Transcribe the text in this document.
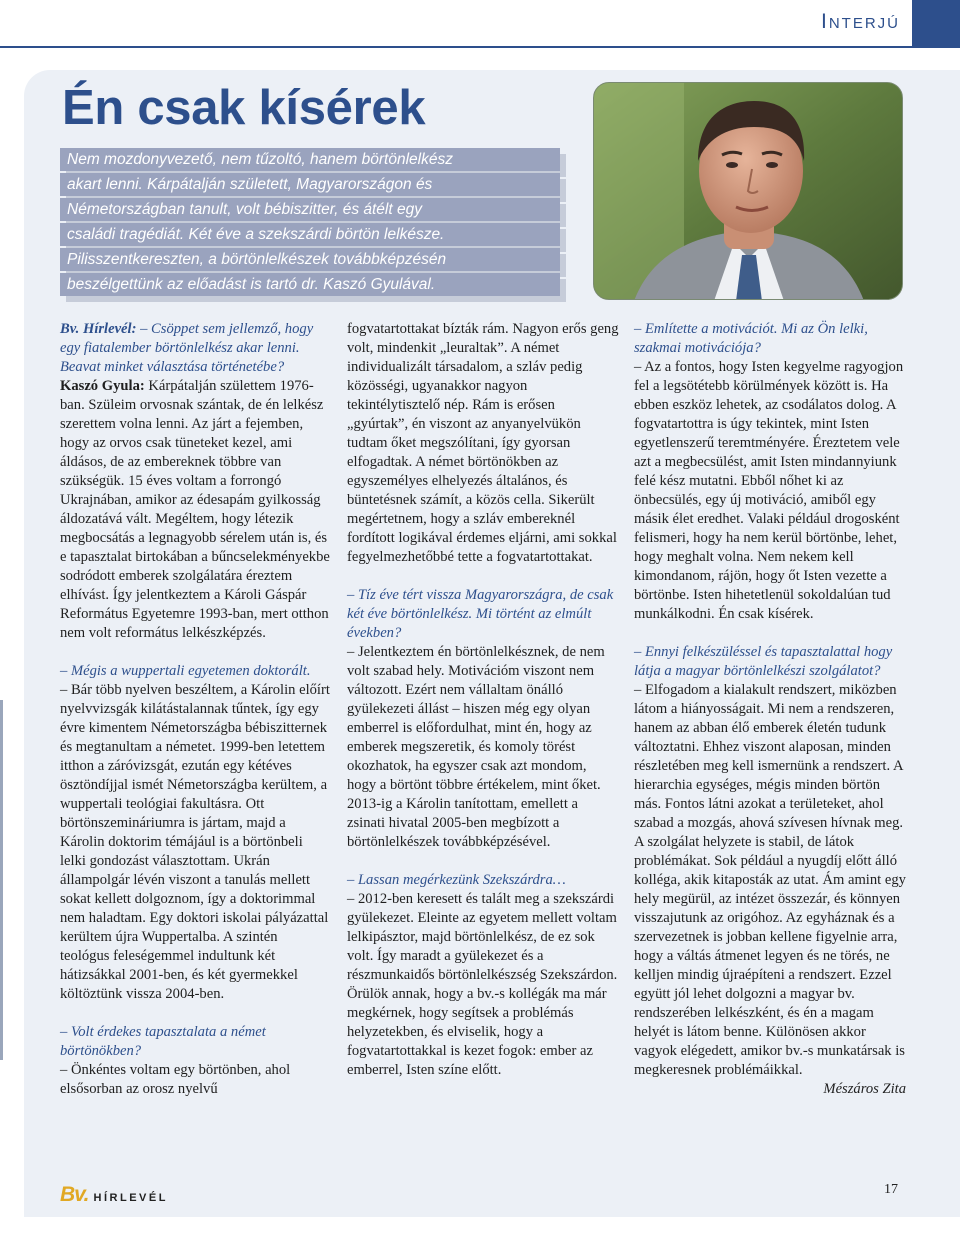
Interjú
Én csak kísérek
Nem mozdonyvezető, nem tűzoltó, hanem börtönlelkész
akart lenni. Kárpátalján született, Magyarországon és
Németországban tanult, volt bébiszitter, és átélt egy
családi tragédiát. Két éve a szekszárdi börtön lelkésze.
Pilisszentkereszten, a börtönlelkészek továbbképzésén
beszélgettünk az előadást is tartó dr. Kaszó Gyulával.

Bv. Hírlevél: – Csöppet sem jellemző, hogy egy fiatalember börtönlelkész akar lenni. Beavat minket választása történetébe?

Kaszó Gyula: Kárpátalján születtem 1976-ban. Szüleim orvosnak szántak, de én lelkész szerettem volna lenni. Az járt a fejemben, hogy az orvos csak tüneteket kezel, ami áldásos, de az embereknek többre van szükségük. 15 éves voltam a forrongó Ukrajnában, amikor az édesapám gyilkosság áldozatává vált. Megéltem, hogy létezik megbocsátás a legnagyobb sérelem után is, és e tapasztalat birtokában a bűncselekményekbe sodródott emberek szolgálatára éreztem elhívást. Így jelentkeztem a Károli Gáspár Református Egyetemre 1993-ban, mert otthon nem volt református lelkészképzés.

– Mégis a wuppertali egyetemen doktorált.

– Bár több nyelven beszéltem, a Károlin előírt nyelvvizsgák kilátástalannak tűntek, így egy évre kimentem Németországba bébiszitternek és megtanultam a németet. 1999-ben letettem itthon a záróvizsgát, ezután egy kétéves ösztöndíjjal ismét Németországba kerültem, a wuppertali teológiai fakultásra. Ott börtönszemináriumra is jártam, majd a Károlin doktorim témájául is a börtönbeli lelki gondozást választottam. Ukrán állampolgár lévén viszont a tanulás mellett sokat kellett dolgoznom, így a doktorimmal nem haladtam. Egy doktori iskolai pályázattal kerültem újra Wuppertalba. A szintén teológus feleségemmel indultunk két hátizsákkal 2001-ben, és két gyermekkel költöztünk vissza 2004-ben.

– Volt érdekes tapasztalata a német börtönökben?

– Önkéntes voltam egy börtönben, ahol elsősorban az orosz nyelvű

fogvatartottakat bízták rám. Nagyon erős geng volt, mindenkit „leuraltak”. A német individualizált társadalom, a szláv pedig közösségi, ugyanakkor nagyon tekintélytisztelő nép. Rám is erősen „gyúrtak”, én viszont az anyanyelvükön tudtam őket megszólítani, így gyorsan elfogadtak. A német börtönökben az egyszemélyes elhelyezés általános, és büntetésnek számít, a közös cella. Sikerült megértetnem, hogy a szláv embereknél fordított logikával érdemes eljárni, ami sokkal fegyelmezhetőbbé tette a fogvatartottakat.

– Tíz éve tért vissza Magyarországra, de csak két éve börtönlelkész. Mi történt az elmúlt években?

– Jelentkeztem én börtönlelkésznek, de nem volt szabad hely. Motivációm viszont nem változott. Ezért nem vállaltam önálló gyülekezeti állást – hiszen még egy olyan emberrel is előfordulhat, mint én, hogy az emberek megszeretik, és komoly törést okozhatok, ha egyszer csak azt mondom, hogy a börtönt többre értékelem, mint őket. 2013-ig a Károlin tanítottam, emellett a zsinati hivatal 2005-ben megbízott a börtönlelkészek továbbképzésével.

– Lassan megérkezünk Szekszárdra…

– 2012-ben keresett és talált meg a szekszárdi gyülekezet. Eleinte az egyetem mellett voltam lelkipásztor, majd börtönlelkész, de ez sok volt. Így maradt a gyülekezet és a részmunkaidős börtönlelkészség Szekszárdon. Örülök annak, hogy a bv.-s kollégák ma már megkérnek, hogy segítsek a problémás helyzetekben, és elviselik, hogy a fogvatartottakkal is kezet fogok: ember az emberrel, Isten színe előtt.

– Említette a motivációt. Mi az Ön lelki, szakmai motivációja?

– Az a fontos, hogy Isten kegyelme ragyogjon fel a legsötétebb körülmények között is. Ha ebben eszköz lehetek, az csodálatos dolog. A fogvatartottra is úgy tekintek, mint Isten egyetlenszerű teremtményére. Éreztetem vele azt a megbecsülést, amit Isten mindannyiunk felé kész mutatni. Ebből nőhet ki az önbecsülés, egy új motiváció, amiből egy másik élet eredhet. Valaki például drogosként felismeri, hogy ha nem kerül börtönbe, lehet, hogy meghalt volna. Nem nekem kell kimondanom, rájön, hogy őt Isten vezette a börtönbe. Isten hihetetlenül sokoldalúan tud munkálkodni. Én csak kísérek.

– Ennyi felkészüléssel és tapasztalattal hogy látja a magyar börtönlelkészi szolgálatot?

– Elfogadom a kialakult rendszert, miközben látom a hiányosságait. Mi nem a rendszeren, hanem az abban élő emberek életén tudunk változtatni. Ehhez viszont alaposan, minden részletében meg kell ismernünk a rendszert. A hierarchia egységes, mégis minden börtön más. Fontos látni azokat a területeket, ahol szabad a mozgás, ahová szívesen hívnak meg. A szolgálat helyzete is stabil, de látok problémákat. Sok például a nyugdíj előtt álló kolléga, akik kitaposták az utat. Ám amint egy hely megürül, az intézet összezár, és könnyen visszajutunk az origóhoz. Az egyháznak és a szervezetnek is jobban kellene figyelnie arra, hogy a váltás átmenet legyen és ne törés, ne kelljen mindig újraépíteni a rendszert. Ezzel együtt jól lehet dolgozni a magyar bv. rendszerében lelkészként, és én a magam helyét is látom benne. Különösen akkor vagyok elégedett, amikor bv.-s munkatársak is megkeresnek problémáikkal.

Mészáros Zita

Bv. HÍRLEVÉL
17
